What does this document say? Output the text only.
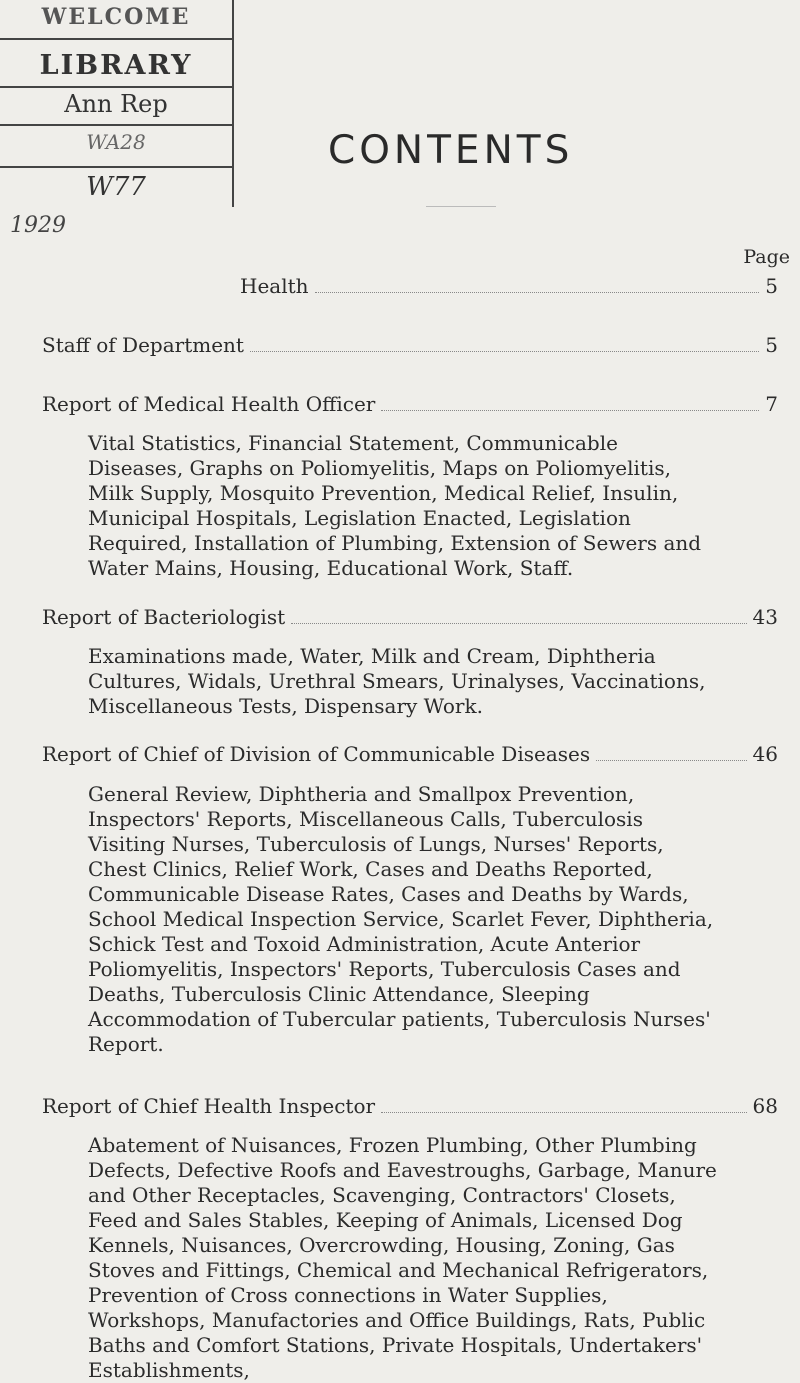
WELCOME
LIBRARY
Ann Rep
WA28
W77
1929
CONTENTS
Page
Health	5
Staff of Department	5
Report of Medical Health Officer	7

Vital Statistics, Financial Statement, Communicable Diseases, Graphs on Poliomyelitis, Maps on Poliomyelitis, Milk Supply, Mosquito Prevention, Medical Relief, Insulin, Municipal Hospitals, Legislation Enacted, Legislation Required, Installation of Plumbing, Extension of Sewers and Water Mains, Housing, Educational Work, Staff.

Report of Bacteriologist	43

Examinations made, Water, Milk and Cream, Diphtheria Cultures, Widals, Urethral Smears, Urinalyses, Vaccinations, Miscellaneous Tests, Dispensary Work.

Report of Chief of Division of Communicable Diseases	46

General Review, Diphtheria and Smallpox Prevention, Inspectors' Reports, Miscellaneous Calls, Tuberculosis Visiting Nurses, Tuberculosis of Lungs, Nurses' Reports, Chest Clinics, Relief Work, Cases and Deaths Reported, Communicable Disease Rates, Cases and Deaths by Wards, School Medical Inspection Service, Scarlet Fever, Diphtheria, Schick Test and Toxoid Administration, Acute Anterior Poliomyelitis, Inspectors' Reports, Tuberculosis Cases and Deaths, Tuberculosis Clinic Attendance, Sleeping Accommodation of Tubercular patients, Tuberculosis Nurses' Report.

Report of Chief Health Inspector	68

Abatement of Nuisances, Frozen Plumbing, Other Plumbing Defects, Defective Roofs and Eavestroughs, Garbage, Manure and Other Receptacles, Scavenging, Contractors' Closets, Feed and Sales Stables, Keeping of Animals, Licensed Dog Kennels, Nuisances, Overcrowding, Housing, Zoning, Gas Stoves and Fittings, Chemical and Mechanical Refrigerators, Prevention of Cross connections in Water Supplies, Workshops, Manufactories and Office Buildings, Rats, Public Baths and Comfort Stations, Private Hospitals, Undertakers' Establishments,
